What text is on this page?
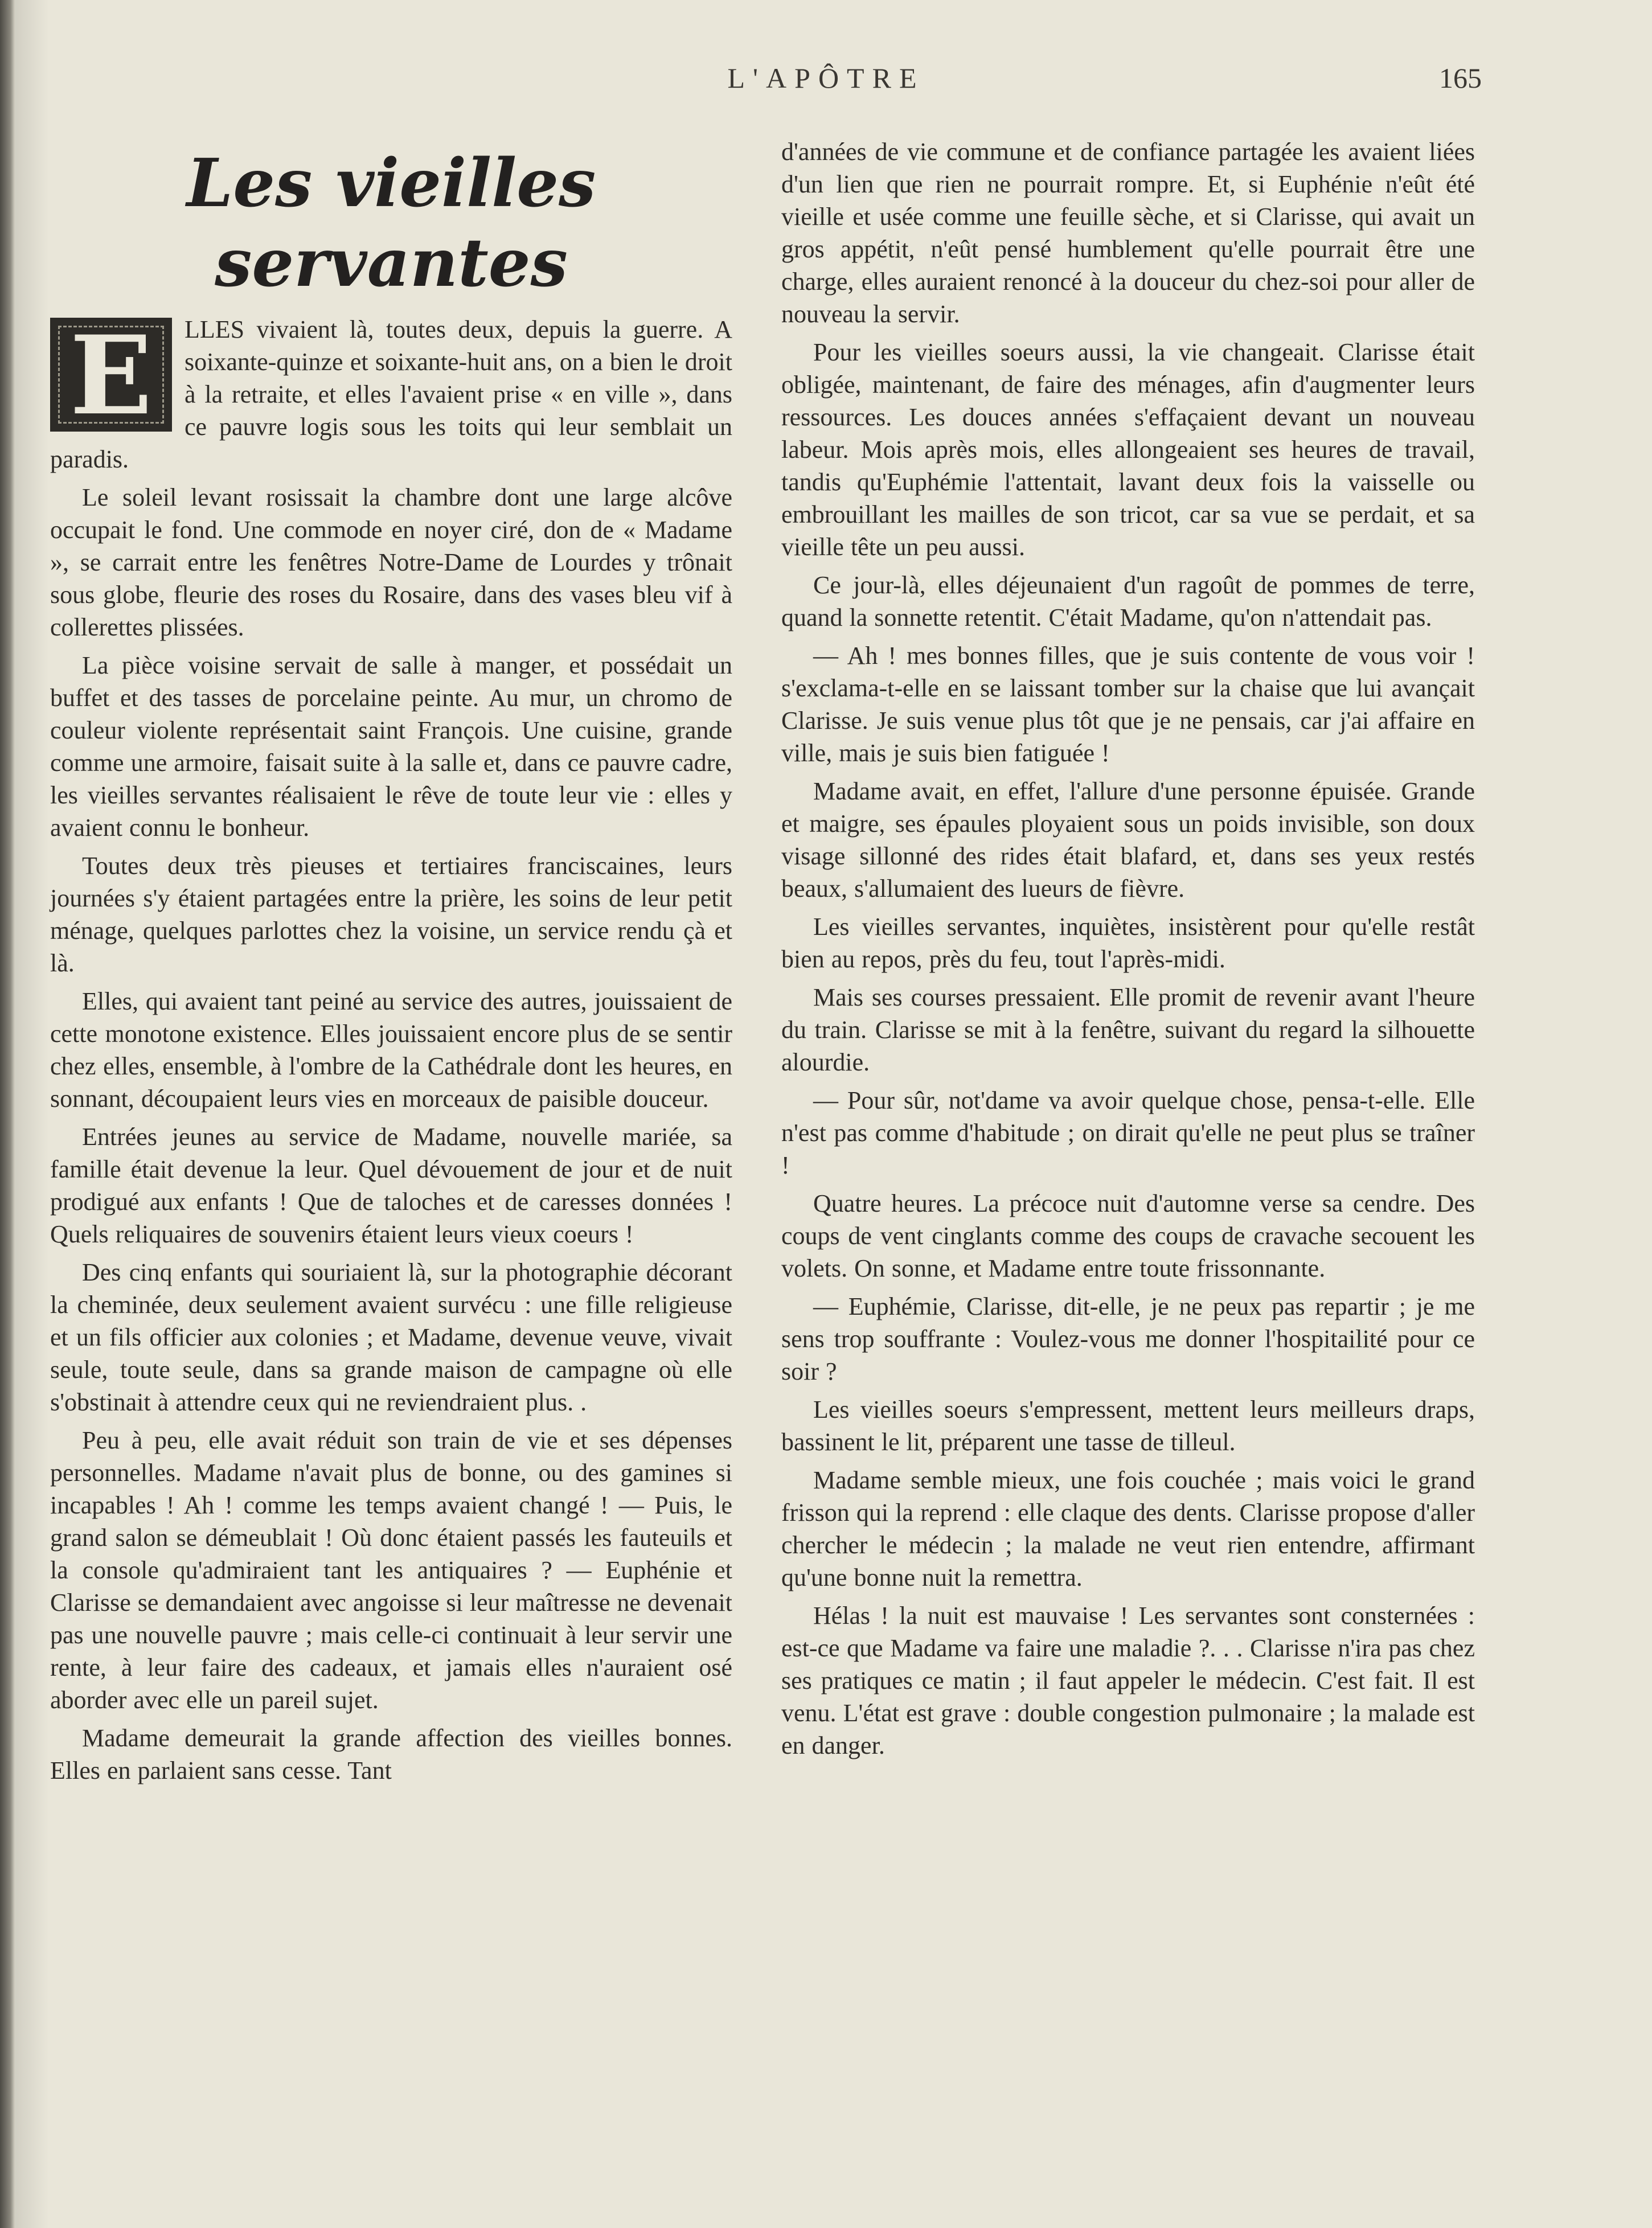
L'APÔTRE	165
Les vieilles servantes

E	LLES vivaient là, toutes deux, depuis la guerre. A soixante-quinze et soixante-huit ans, on a bien le droit à la retraite, et elles l'avaient prise « en ville », dans ce pauvre logis sous les toits qui leur semblait un paradis.

Le soleil levant rosissait la chambre dont une large alcôve occupait le fond. Une commode en noyer ciré, don de « Madame », se carrait entre les fenêtres Notre-Dame de Lourdes y trônait sous globe, fleurie des roses du Rosaire, dans des vases bleu vif à collerettes plissées.

La pièce voisine servait de salle à manger, et possédait un buffet et des tasses de porcelaine peinte. Au mur, un chromo de couleur violente représentait saint François. Une cuisine, grande comme une armoire, faisait suite à la salle et, dans ce pauvre cadre, les vieilles servantes réalisaient le rêve de toute leur vie : elles y avaient connu le bonheur.

Toutes deux très pieuses et tertiaires franciscaines, leurs journées s'y étaient partagées entre la prière, les soins de leur petit ménage, quelques parlottes chez la voisine, un service rendu çà et là.

Elles, qui avaient tant peiné au service des autres, jouissaient de cette monotone existence. Elles jouissaient encore plus de se sentir chez elles, ensemble, à l'ombre de la Cathédrale dont les heures, en sonnant, découpaient leurs vies en morceaux de paisible douceur.

Entrées jeunes au service de Madame, nouvelle mariée, sa famille était devenue la leur. Quel dévouement de jour et de nuit prodigué aux enfants ! Que de taloches et de caresses données ! Quels reliquaires de souvenirs étaient leurs vieux coeurs !

Des cinq enfants qui souriaient là, sur la photographie décorant la cheminée, deux seulement avaient survécu : une fille religieuse et un fils officier aux colonies ; et Madame, devenue veuve, vivait seule, toute seule, dans sa grande maison de campagne où elle s'obstinait à attendre ceux qui ne reviendraient plus. .

Peu à peu, elle avait réduit son train de vie et ses dépenses personnelles. Madame n'avait plus de bonne, ou des gamines si incapables ! Ah ! comme les temps avaient changé ! — Puis, le grand salon se démeublait ! Où donc étaient passés les fauteuils et la console qu'admiraient tant les antiquaires ? — Euphénie et Clarisse se demandaient avec angoisse si leur maîtresse ne devenait pas une nouvelle pauvre ; mais celle-ci continuait à leur servir une rente, à leur faire des cadeaux, et jamais elles n'auraient osé aborder avec elle un pareil sujet.

Madame demeurait la grande affection des vieilles bonnes. Elles en parlaient sans cesse. Tant

d'années de vie commune et de confiance partagée les avaient liées d'un lien que rien ne pourrait rompre. Et, si Euphénie n'eût été vieille et usée comme une feuille sèche, et si Clarisse, qui avait un gros appétit, n'eût pensé humblement qu'elle pourrait être une charge, elles auraient renoncé à la douceur du chez-soi pour aller de nouveau la servir.

Pour les vieilles soeurs aussi, la vie changeait. Clarisse était obligée, maintenant, de faire des ménages, afin d'augmenter leurs ressources. Les douces années s'effaçaient devant un nouveau labeur. Mois après mois, elles allongeaient ses heures de travail, tandis qu'Euphémie l'attentait, lavant deux fois la vaisselle ou embrouillant les mailles de son tricot, car sa vue se perdait, et sa vieille tête un peu aussi.

Ce jour-là, elles déjeunaient d'un ragoût de pommes de terre, quand la sonnette retentit. C'était Madame, qu'on n'attendait pas.

— Ah ! mes bonnes filles, que je suis contente de vous voir ! s'exclama-t-elle en se laissant tomber sur la chaise que lui avançait Clarisse. Je suis venue plus tôt que je ne pensais, car j'ai affaire en ville, mais je suis bien fatiguée !

Madame avait, en effet, l'allure d'une personne épuisée. Grande et maigre, ses épaules ployaient sous un poids invisible, son doux visage sillonné des rides était blafard, et, dans ses yeux restés beaux, s'allumaient des lueurs de fièvre.

Les vieilles servantes, inquiètes, insistèrent pour qu'elle restât bien au repos, près du feu, tout l'après-midi.

Mais ses courses pressaient. Elle promit de revenir avant l'heure du train. Clarisse se mit à la fenêtre, suivant du regard la silhouette alourdie.

— Pour sûr, not'dame va avoir quelque chose, pensa-t-elle. Elle n'est pas comme d'habitude ; on dirait qu'elle ne peut plus se traîner !

Quatre heures. La précoce nuit d'automne verse sa cendre. Des coups de vent cinglants comme des coups de cravache secouent les volets. On sonne, et Madame entre toute frissonnante.

— Euphémie, Clarisse, dit-elle, je ne peux pas repartir ; je me sens trop souffrante : Voulez-vous me donner l'hospitailité pour ce soir ?

Les vieilles soeurs s'empressent, mettent leurs meilleurs draps, bassinent le lit, préparent une tasse de tilleul.

Madame semble mieux, une fois couchée ; mais voici le grand frisson qui la reprend : elle claque des dents. Clarisse propose d'aller chercher le médecin ; la malade ne veut rien entendre, affirmant qu'une bonne nuit la remettra.

Hélas ! la nuit est mauvaise ! Les servantes sont consternées : est-ce que Madame va faire une maladie ?. . . Clarisse n'ira pas chez ses pratiques ce matin ; il faut appeler le médecin. C'est fait. Il est venu. L'état est grave : double congestion pulmonaire ; la malade est en danger.
